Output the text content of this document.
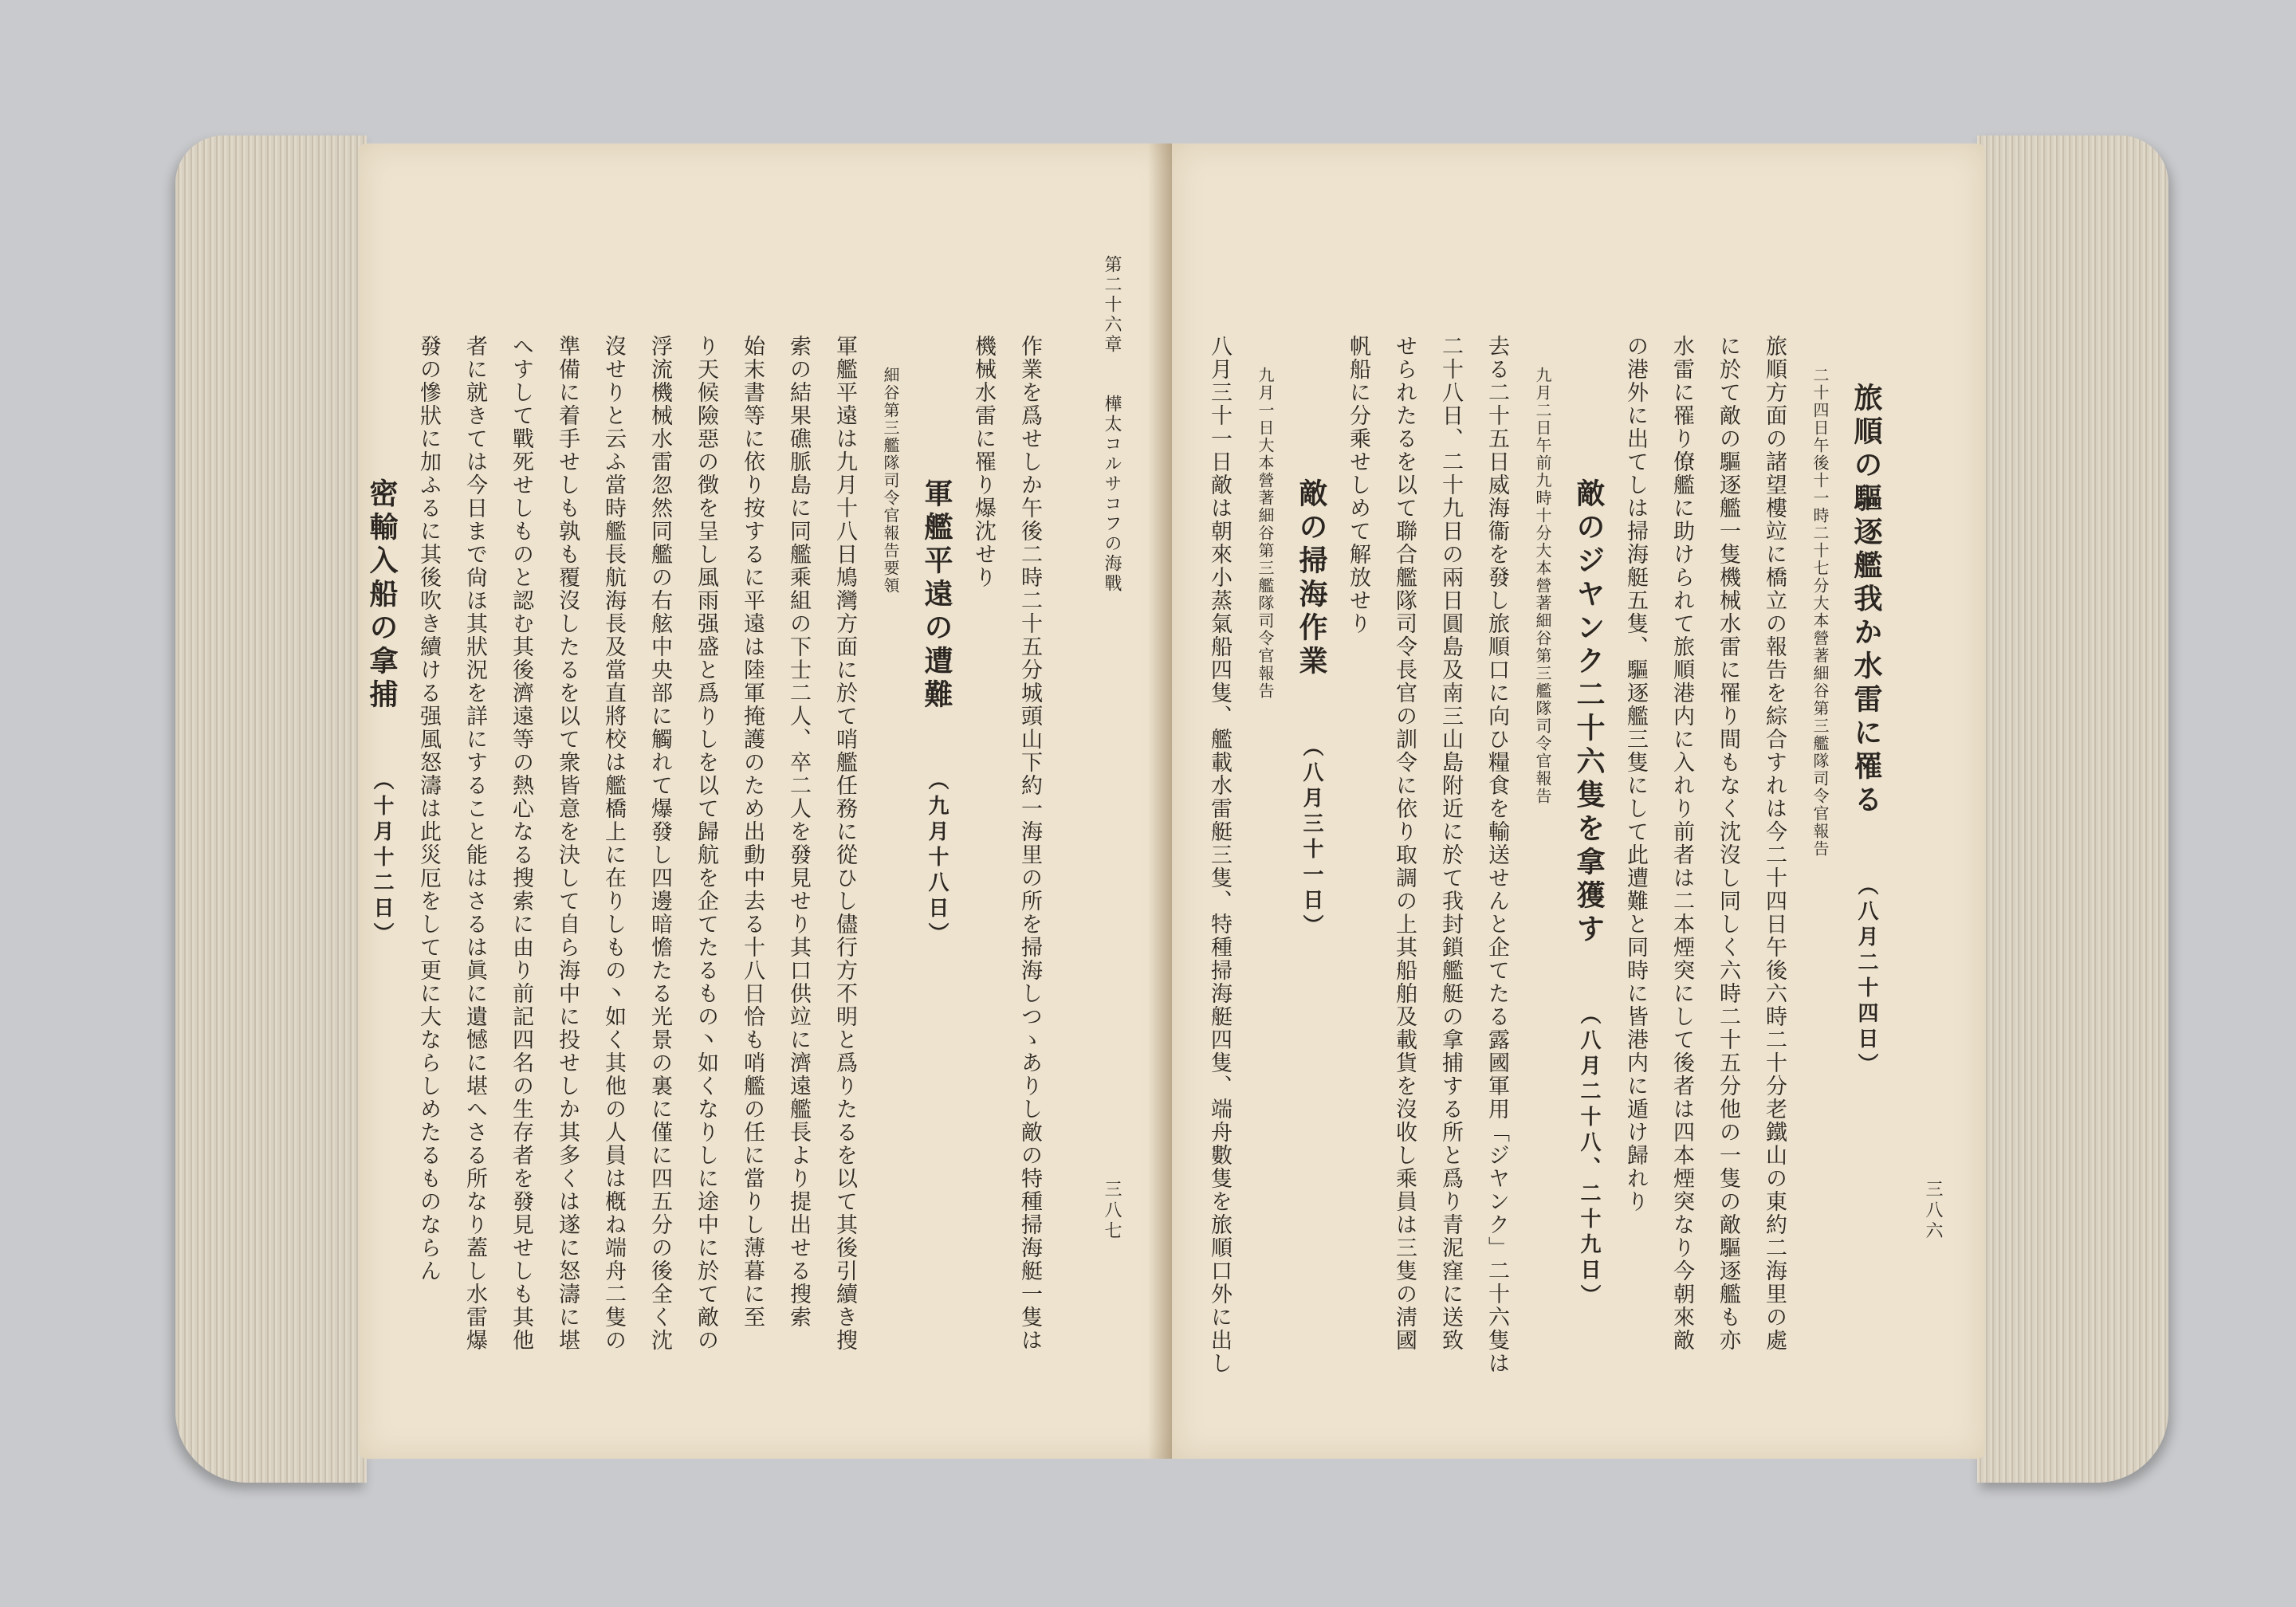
第二十六章　　樺太コルサコフの海戰
三八七

作業を爲せしか午後二時二十五分城頭山下約一海里の所を掃海しつゝありし敵の特種掃海艇一隻は

機械水雷に罹り爆沈せり

軍艦平遠の遭難　　（九月十八日）

細谷第三艦隊司令官報告要領

軍艦平遠は九月十八日鳩灣方面に於て哨艦任務に從ひし儘行方不明と爲りたるを以て其後引續き搜

索の結果礁脈島に同艦乘組の下士二人、卒二人を發見せり其口供竝に濟遠艦長より提出せる搜索

始末書等に依り按するに平遠は陸軍掩護のため出動中去る十八日恰も哨艦の任に當りし薄暮に至

り天候險惡の徴を呈し風雨强盛と爲りしを以て歸航を企てたるもの丶如くなりしに途中に於て敵の

浮流機械水雷忽然同艦の右舷中央部に觸れて爆發し四邊暗憺たる光景の裏に僅に四五分の後全く沈

沒せりと云ふ當時艦長航海長及當直將校は艦橋上に在りしもの丶如く其他の人員は槪ね端舟二隻の

準備に着手せしも孰も覆沒したるを以て衆皆意を決して自ら海中に投せしか其多くは遂に怒濤に堪

へすして戰死せしものと認む其後濟遠等の熱心なる搜索に由り前記四名の生存者を發見せしも其他

者に就きては今日まで尙ほ其狀況を詳にすること能はさるは眞に遺憾に堪へさる所なり蓋し水雷爆

發の慘狀に加ふるに其後吹き續ける强風怒濤は此災厄をして更に大ならしめたるものならん

密輸入船の拿捕　　（十月十二日）

三八六

旅順の驅逐艦我か水雷に罹る　　（八月二十四日）

二十四日午後十一時二十七分大本營著細谷第三艦隊司令官報告

旅順方面の諸望樓竝に橋立の報告を綜合すれは今二十四日午後六時二十分老鐵山の東約二海里の處

に於て敵の驅逐艦一隻機械水雷に罹り間もなく沈沒し同しく六時二十五分他の一隻の敵驅逐艦も亦

水雷に罹り僚艦に助けられて旅順港内に入れり前者は二本煙突にして後者は四本煙突なり今朝來敵

の港外に出てしは掃海艇五隻、驅逐艦三隻にして此遭難と同時に皆港内に遁け歸れり

敵のジヤンク二十六隻を拿獲す　　（八月二十八、二十九日）

九月二日午前九時十分大本營著細谷第三艦隊司令官報告

去る二十五日威海衞を發し旅順口に向ひ糧食を輸送せんと企てたる露國軍用「ジヤンク」二十六隻は

二十八日、二十九日の兩日圓島及南三山島附近に於て我封鎖艦艇の拿捕する所と爲り青泥窪に送致

せられたるを以て聯合艦隊司令長官の訓令に依り取調の上其船舶及載貨を沒收し乘員は三隻の淸國

帆船に分乘せしめて解放せり

敵の掃海作業　　（八月三十一日）

九月一日大本營著細谷第三艦隊司令官報告

八月三十一日敵は朝來小蒸氣船四隻、艦載水雷艇三隻、特種掃海艇四隻、端舟數隻を旅順口外に出し
